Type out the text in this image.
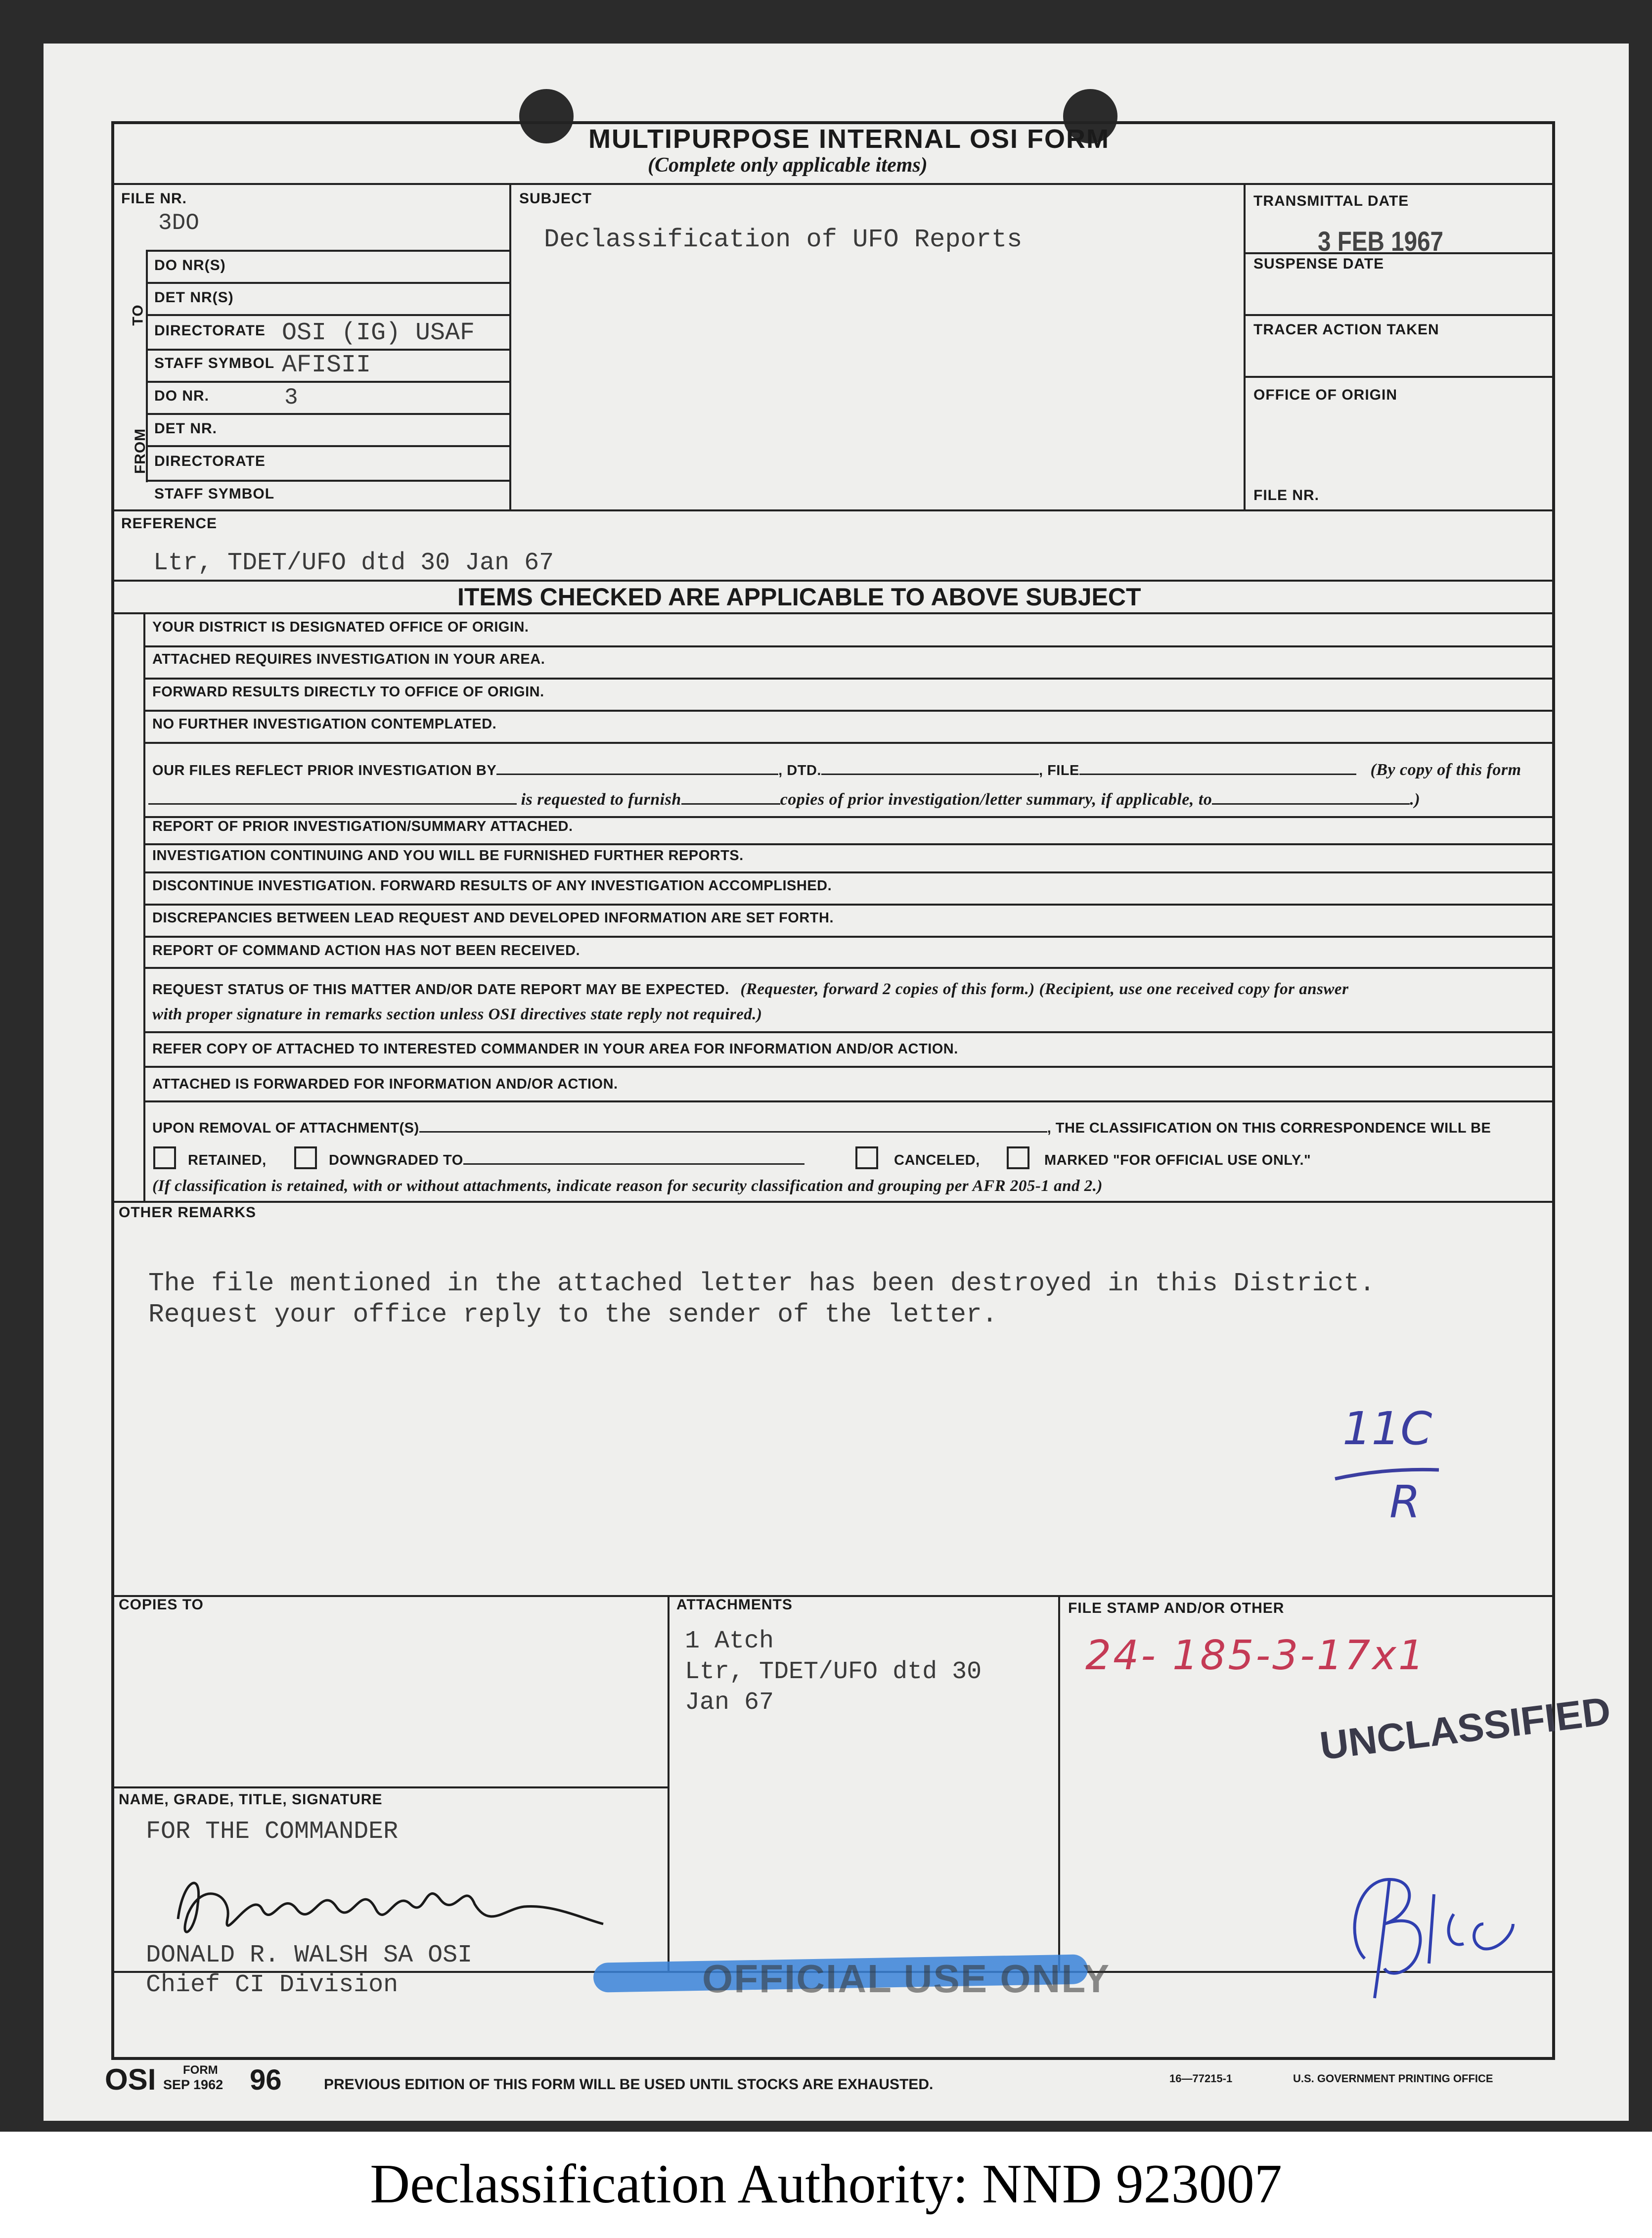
MULTIPURPOSE INTERNAL OSI FORM
(Complete only applicable items)
FILE NR.
3DO
SUBJECT
Declassification of UFO Reports
TRANSMITTAL DATE
3 FEB 1967
SUSPENSE DATE
TRACER ACTION TAKEN
OFFICE OF ORIGIN
FILE NR.
TO
FROM
DO NR(S)
DET NR(S)
DIRECTORATE OSI (IG) USAF
STAFF SYMBOL AFISII
DO NR.	3
DET NR.
DIRECTORATE
STAFF SYMBOL
REFERENCE
Ltr, TDET/UFO dtd 30 Jan 67
ITEMS CHECKED ARE APPLICABLE TO ABOVE SUBJECT
YOUR DISTRICT IS DESIGNATED OFFICE OF ORIGIN.
ATTACHED REQUIRES INVESTIGATION IN YOUR AREA.
FORWARD RESULTS DIRECTLY TO OFFICE OF ORIGIN.
NO FURTHER INVESTIGATION CONTEMPLATED.
OUR FILES REFLECT PRIOR INVESTIGATION BY	, DTD.	, FILE	(By copy of this form
is requested to furnish	copies of prior investigation/letter summary, if applicable, to	.)
REPORT OF PRIOR INVESTIGATION/SUMMARY ATTACHED.
INVESTIGATION CONTINUING AND YOU WILL BE FURNISHED FURTHER REPORTS.
DISCONTINUE INVESTIGATION. FORWARD RESULTS OF ANY INVESTIGATION ACCOMPLISHED.
DISCREPANCIES BETWEEN LEAD REQUEST AND DEVELOPED INFORMATION ARE SET FORTH.
REPORT OF COMMAND ACTION HAS NOT BEEN RECEIVED.
REQUEST STATUS OF THIS MATTER AND/OR DATE REPORT MAY BE EXPECTED. (Requester, forward 2 copies of this form.) (Recipient, use one received copy for answer
with proper signature in remarks section unless OSI directives state reply not required.)
REFER COPY OF ATTACHED TO INTERESTED COMMANDER IN YOUR AREA FOR INFORMATION AND/OR ACTION.
ATTACHED IS FORWARDED FOR INFORMATION AND/OR ACTION.
UPON REMOVAL OF ATTACHMENT(S)	, THE CLASSIFICATION ON THIS CORRESPONDENCE WILL BE
RETAINED,	DOWNGRADED TO	CANCELED,	MARKED "FOR OFFICIAL USE ONLY."
(If classification is retained, with or without attachments, indicate reason for security classification and grouping per AFR 205-1 and 2.)
OTHER REMARKS
The file mentioned in the attached letter has been destroyed in this District.
Request your office reply to the sender of the letter.
11C
R
COPIES TO	ATTACHMENTS
1 Atch
Ltr, TDET/UFO dtd 30
Jan 67
FILE STAMP AND/OR OTHER
24- 185-3-17x1
UNCLASSIFIED
NAME, GRADE, TITLE, SIGNATURE
FOR THE COMMANDER
DONALD R. WALSH SA OSI
OFFICIAL USE ONLY
Chief CI Division
OSI FORM
SEP 1962 96	PREVIOUS EDITION OF THIS FORM WILL BE USED UNTIL STOCKS ARE EXHAUSTED.	16—77215-1	U.S. GOVERNMENT PRINTING OFFICE
Declassification Authority: NND 923007
